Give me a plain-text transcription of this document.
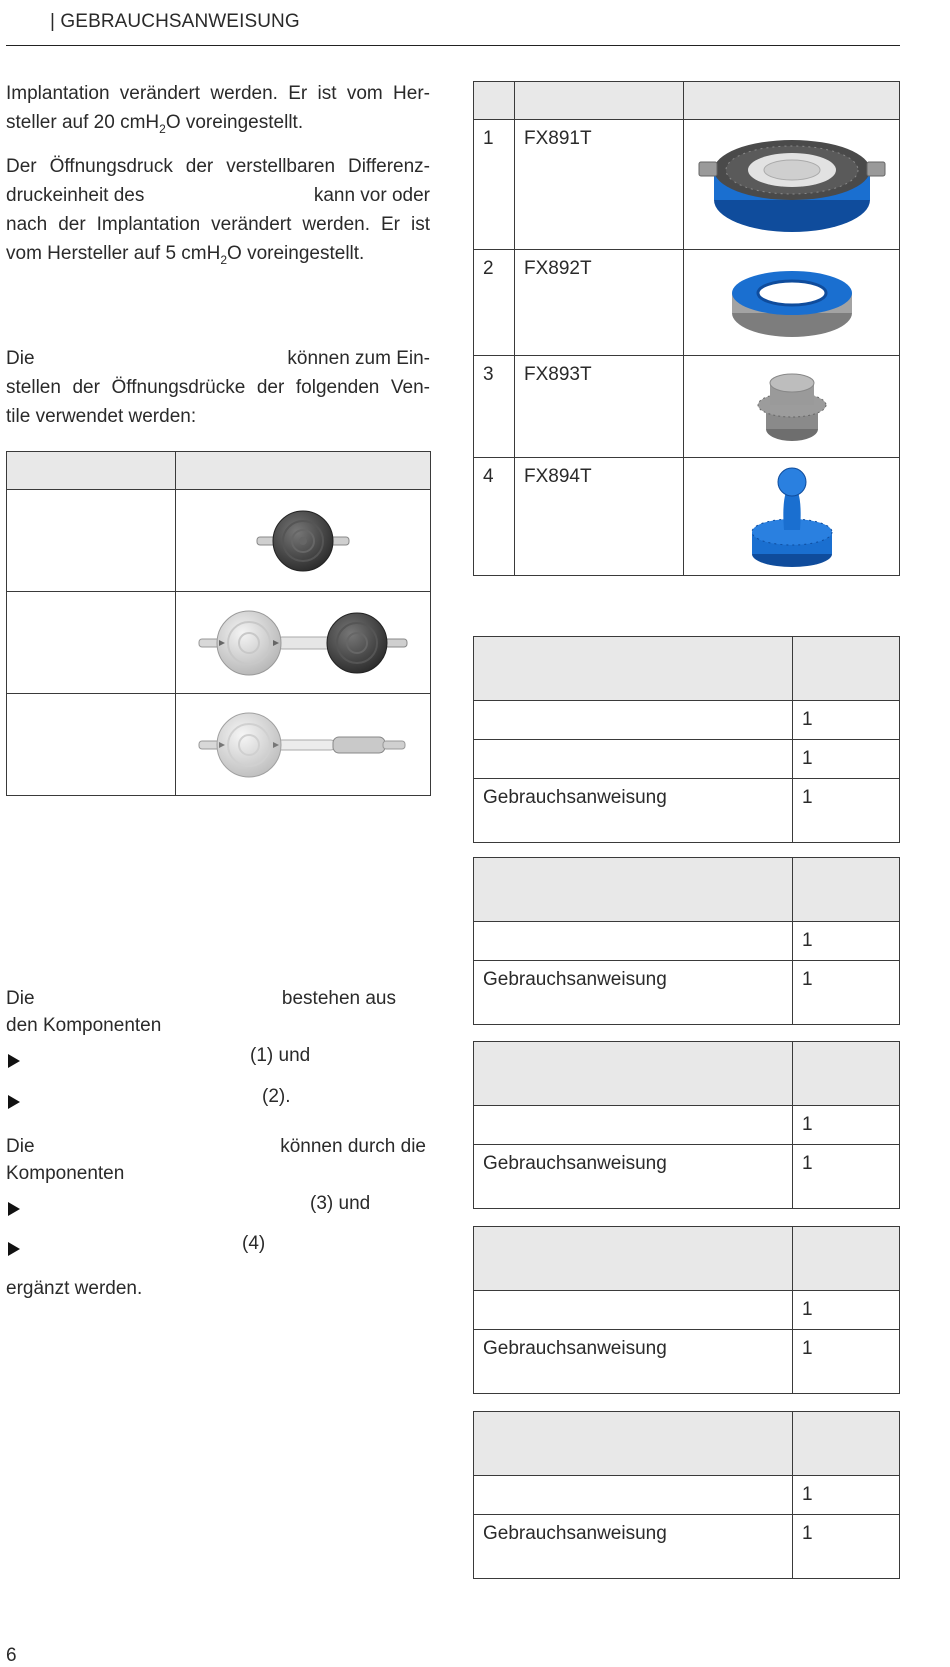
| GEBRAUCHSANWEISUNG
Implantation verändert werden. Er ist vom Her-
steller auf 20 cmH$_2$O voreingestellt.
Der Öffnungsdruck der verstellbaren Differenz-
druckeinheit des	kann vor oder
nach der Implantation verändert werden. Er ist
vom Hersteller auf 5 cmH$_2$O voreingestellt.
Die	können zum Ein-
stellen der Öffnungsdrücke der folgenden Ven-
tile verwendet werden:

Die	bestehen aus
den Komponenten
(1) und
(2).
Die	können durch die
Komponenten
(3) und
(4)
ergänzt werden.

1	FX891T	

2	FX892T	

3	FX893T	

4	FX894T	

	1
	1
Gebrauchsanweisung	1

	1
Gebrauchsanweisung	1

	1
Gebrauchsanweisung	1

	1
Gebrauchsanweisung	1

	1
Gebrauchsanweisung	1
6
